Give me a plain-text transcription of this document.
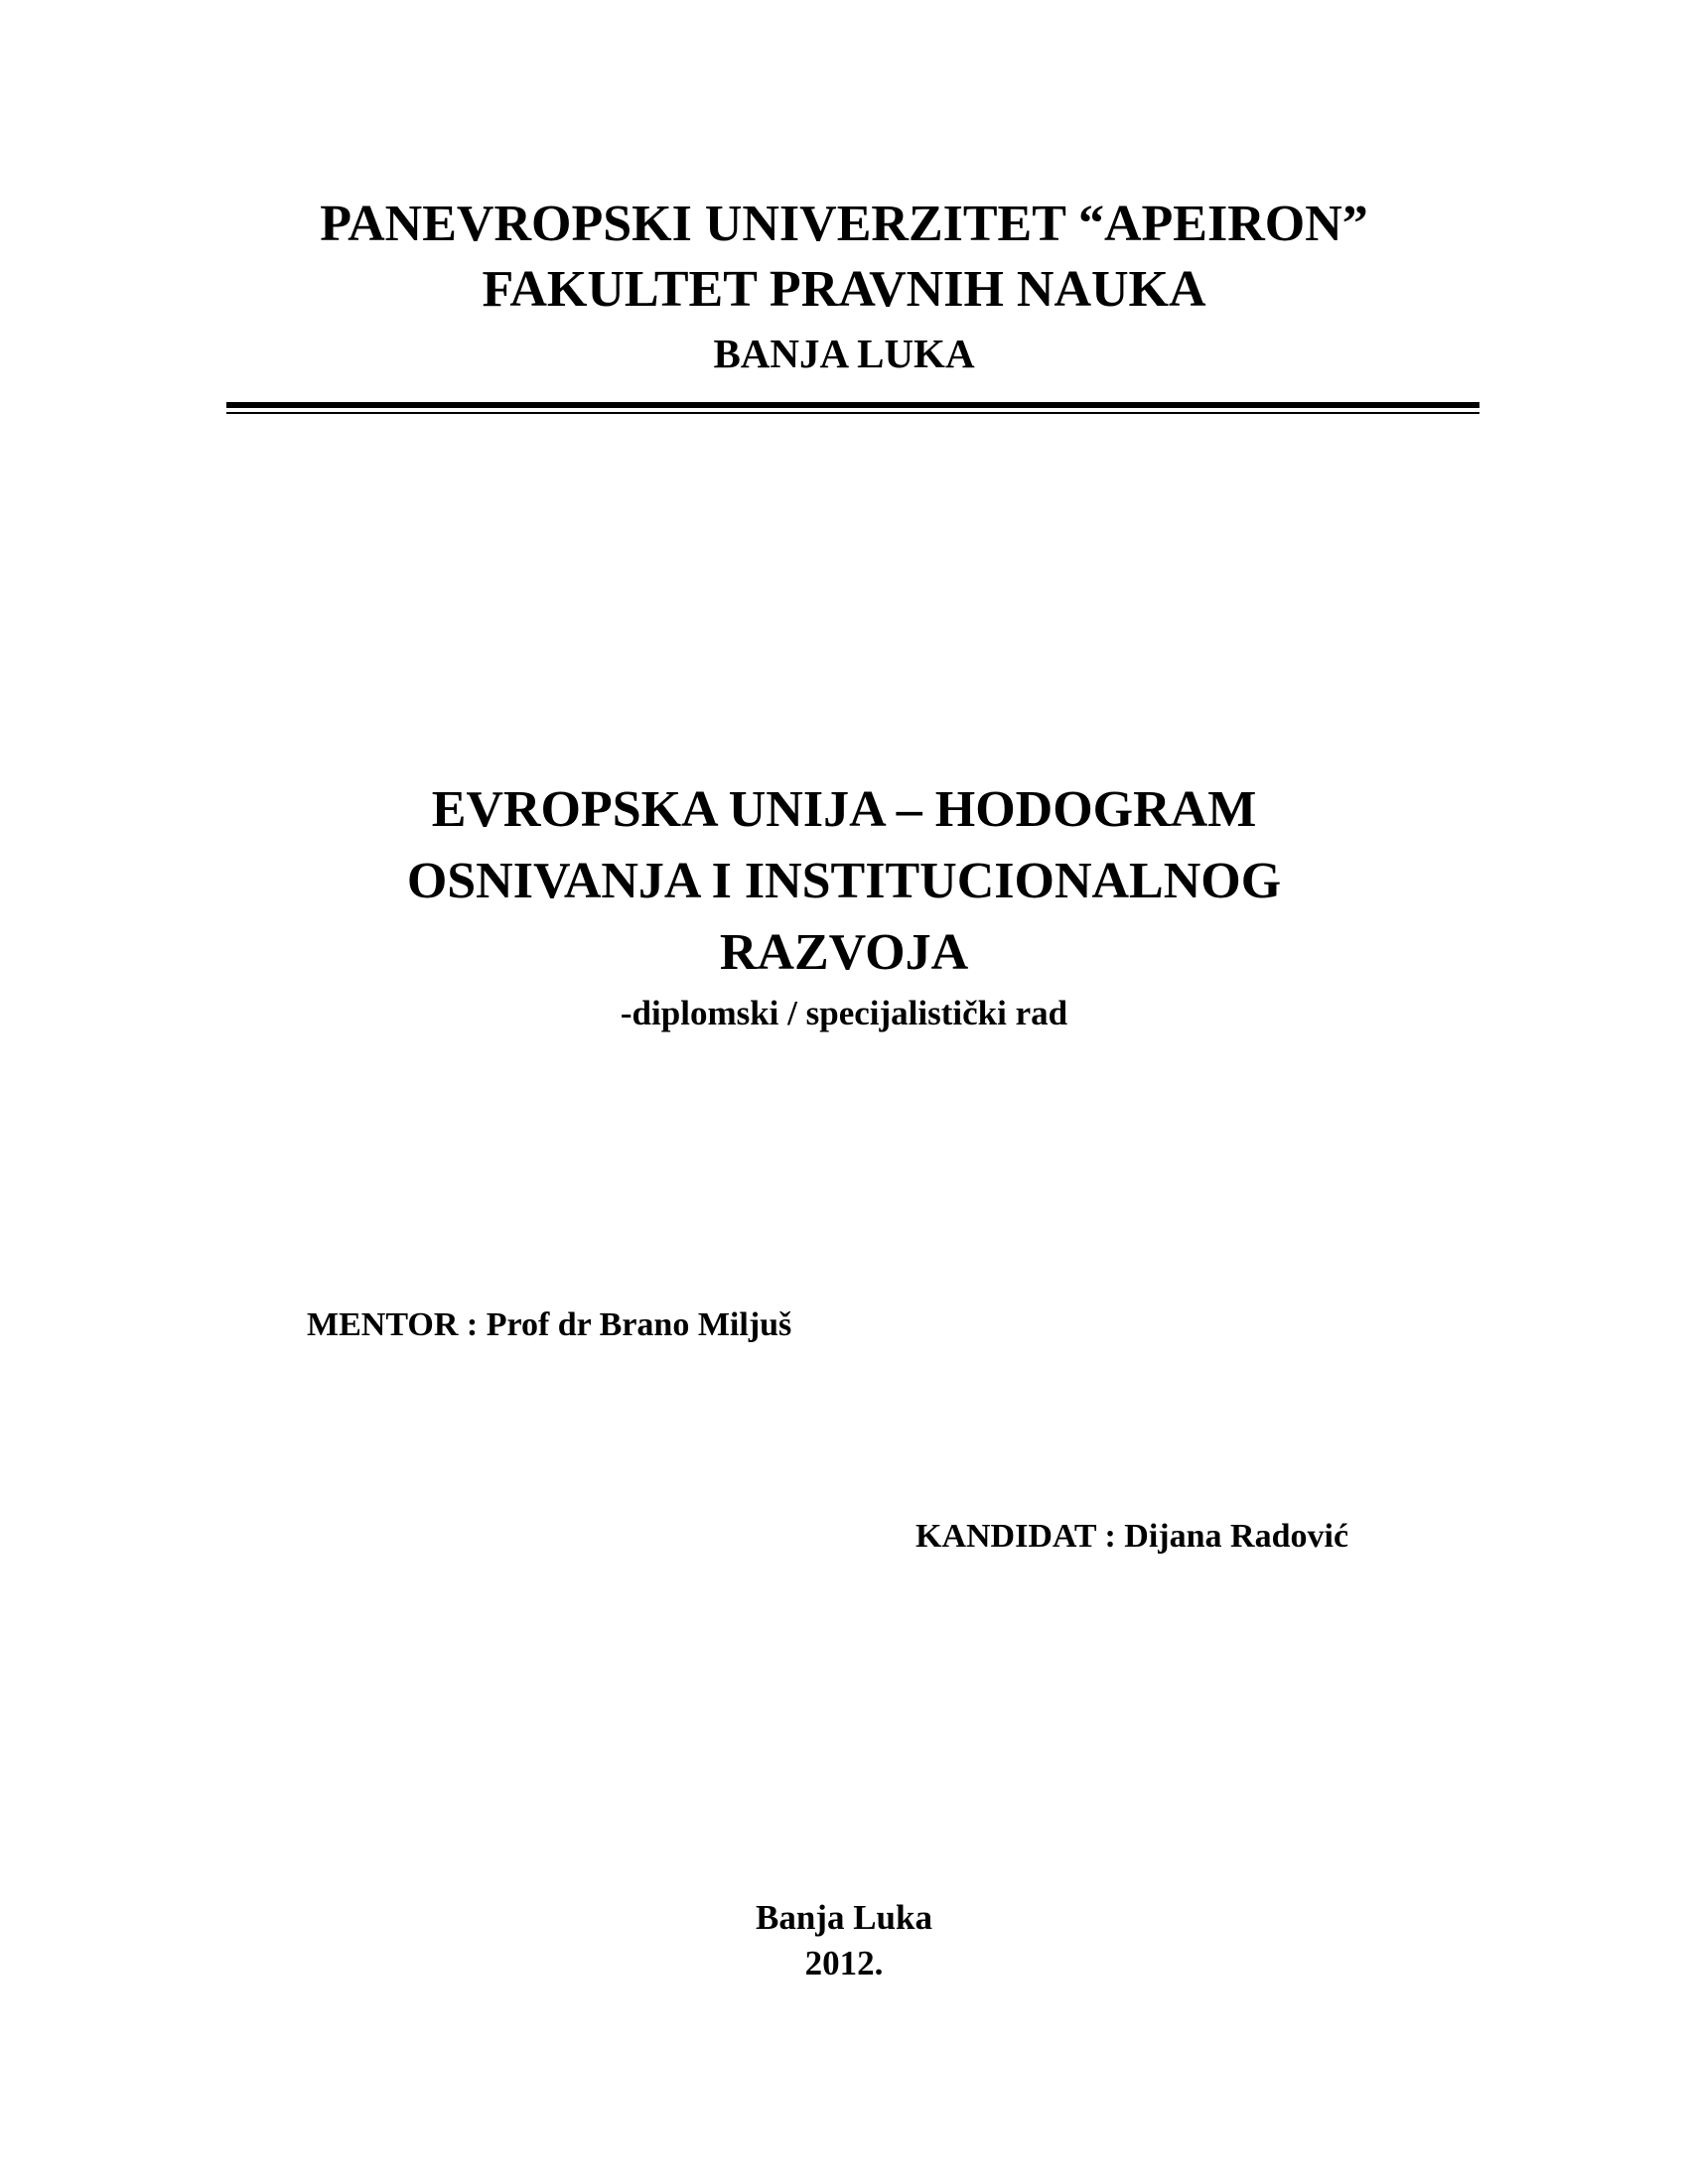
PANEVROPSKI UNIVERZITET “APEIRON”
FAKULTET PRAVNIH NAUKA
BANJA LUKA
EVROPSKA UNIJA – HODOGRAM
OSNIVANJA I INSTITUCIONALNOG
RAZVOJA
-diplomski / specijalistički rad
MENTOR : Prof dr Brano Miljuš
KANDIDAT : Dijana Radović
Banja Luka
2012.
